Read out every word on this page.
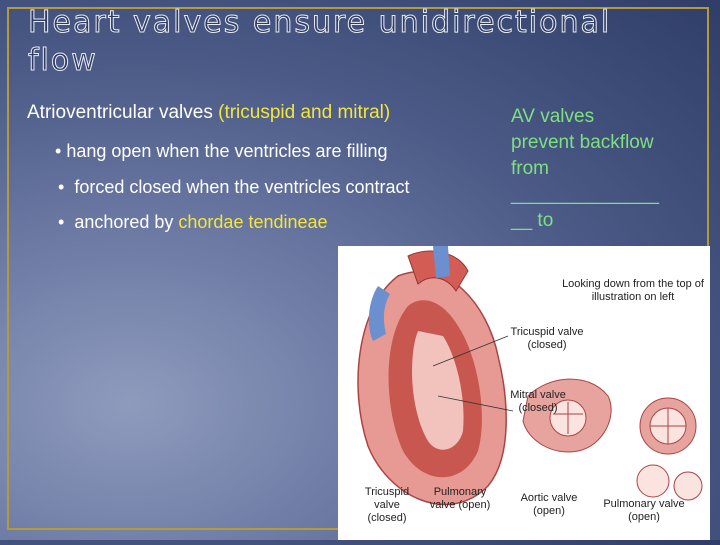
Heart valves ensure unidirectional flow
Atrioventricular valves (tricuspid and mitral)
• hang open when the ventricles are filling
• forced closed when the ventricles contract
• anchored by chordae tendineae
AV valves
prevent backflow
from
______________
__ to
Looking down from the top of illustration on left
Tricuspid valve (closed)
Mitral valve (closed)
Tricuspid valve (closed)
Pulmonary valve (open)
Aortic valve (open)
Pulmonary valve (open)
